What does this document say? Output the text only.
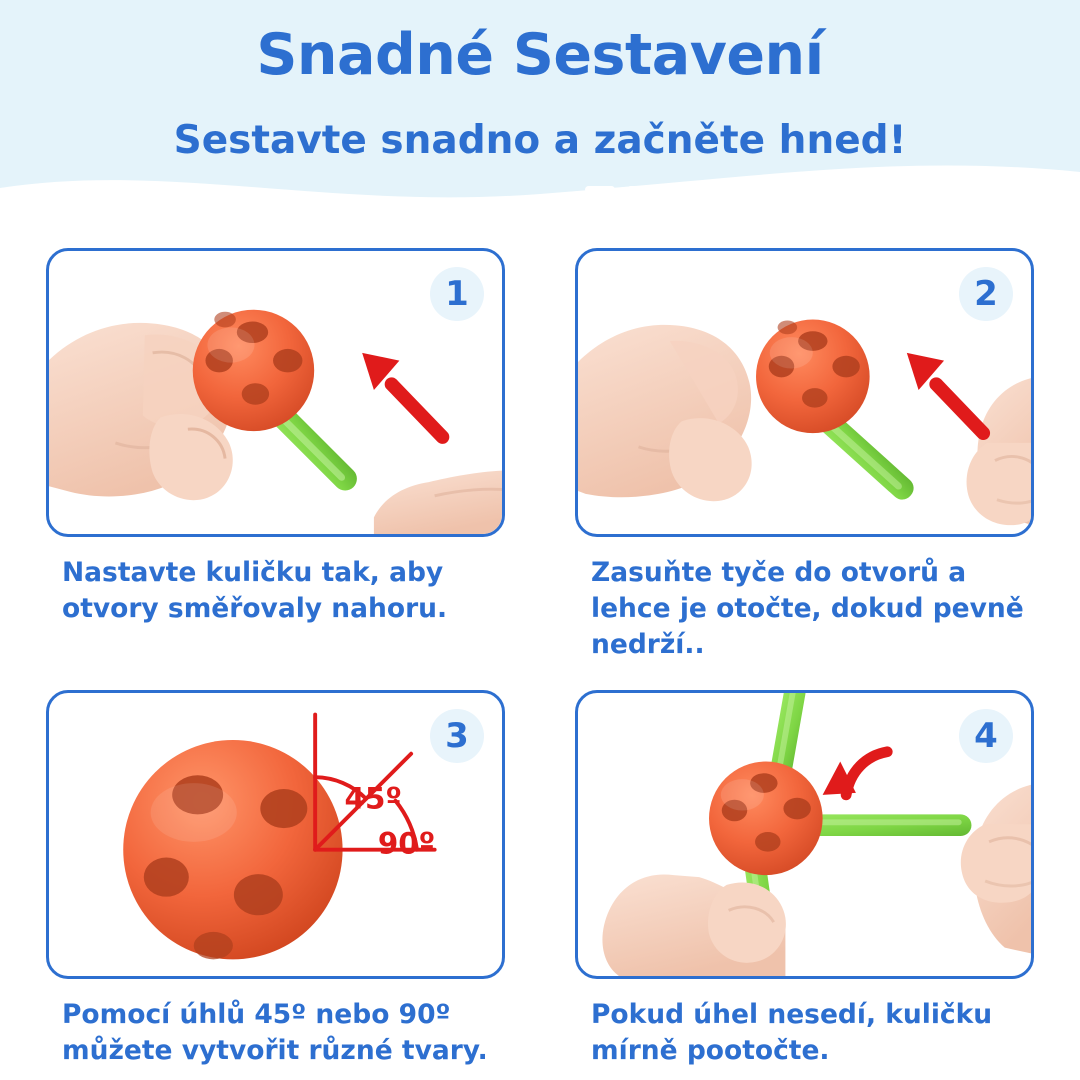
Snadné Sestavení
Sestavte snadno a začněte hned!
1
Nastavte kuličku tak, aby otvory směřovaly nahoru.
2
Zasuňte tyče do otvorů a lehce je otočte, dokud pevně nedrží..
3
45º
90º
Pomocí úhlů 45º nebo 90º můžete vytvořit různé tvary.
4
Pokud úhel nesedí, kuličku mírně pootočte.
